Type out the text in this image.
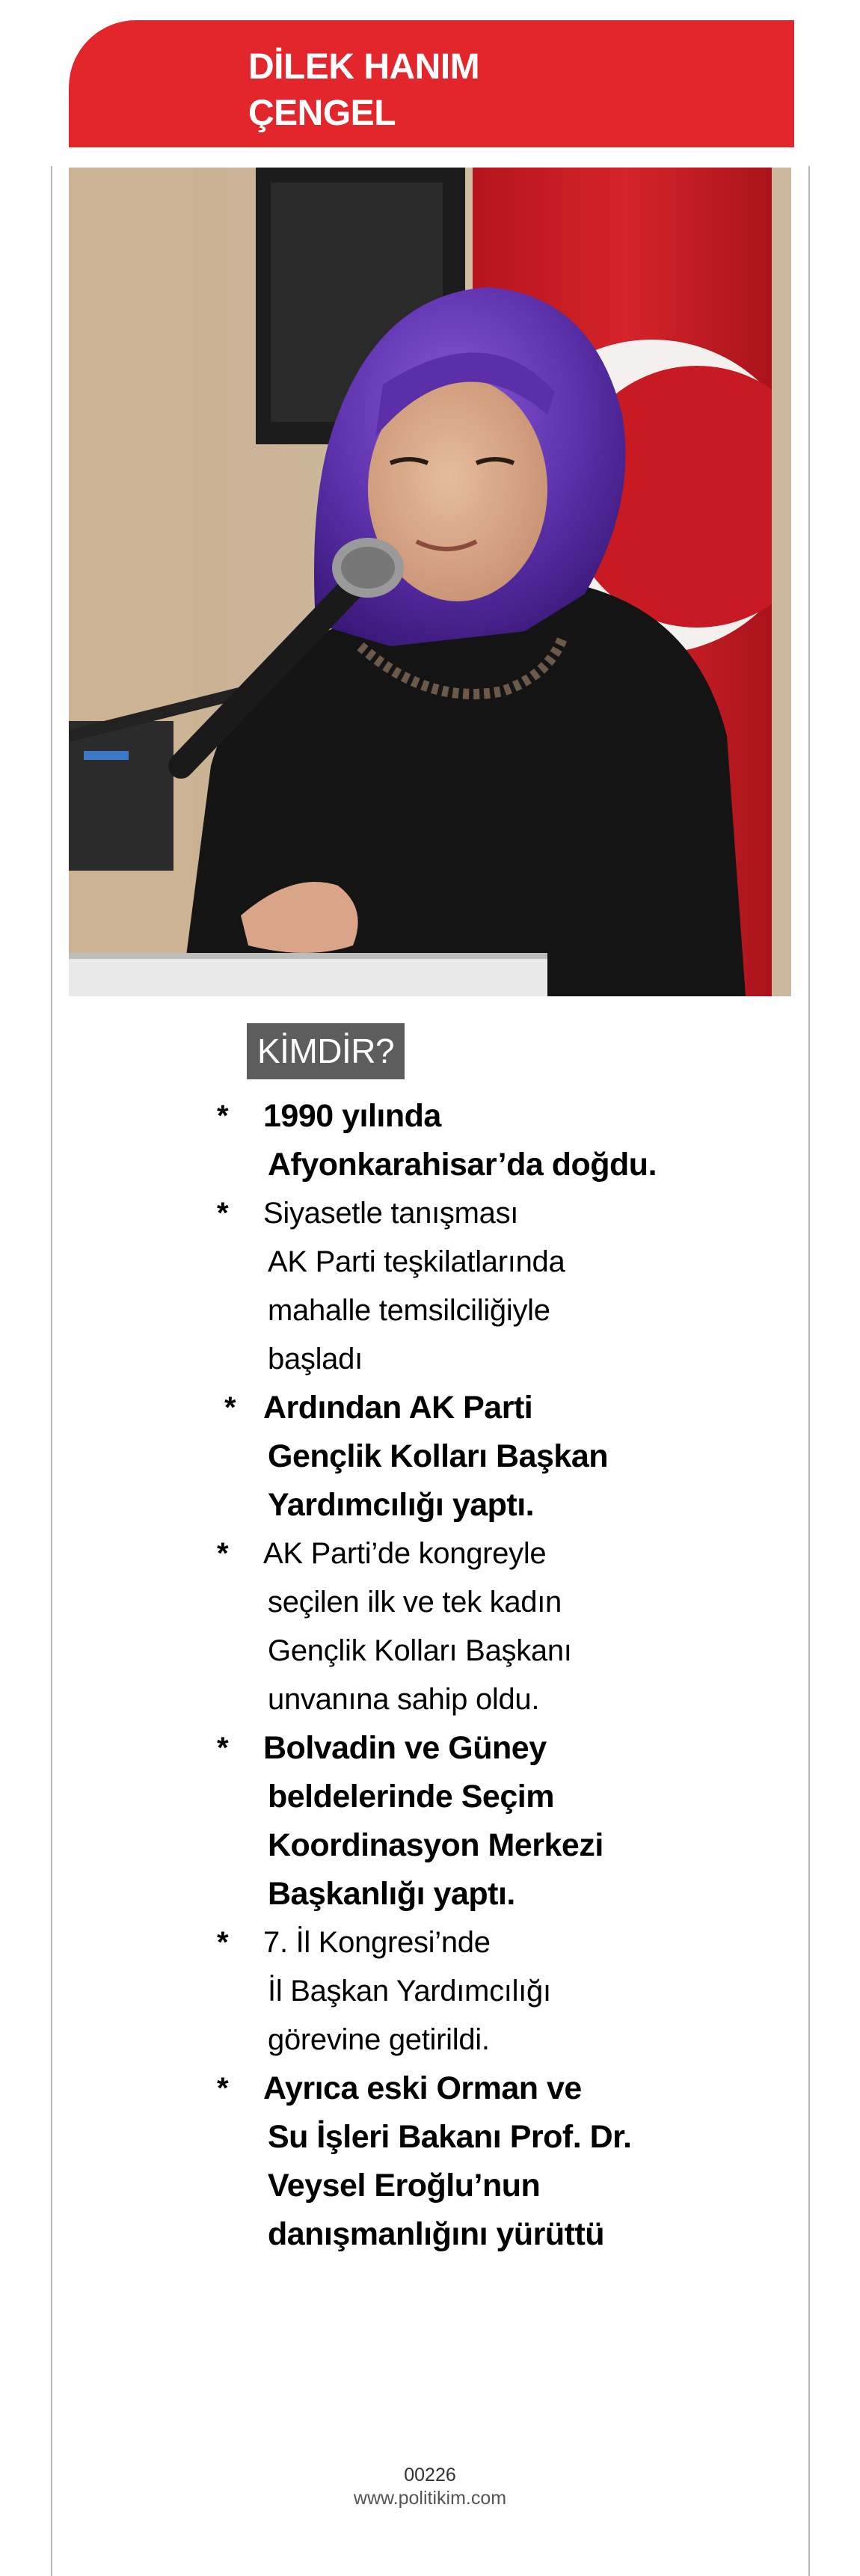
DİLEK HANIM
ÇENGEL
KİMDİR?
* 1990 yılında
Afyonkarahisar’da doğdu.
* Siyasetle tanışması
AK Parti teşkilatlarında
mahalle temsilciliğiyle
başladı
* Ardından AK Parti
Gençlik Kolları Başkan
Yardımcılığı yaptı.
* AK Parti’de kongreyle
seçilen ilk ve tek kadın
Gençlik Kolları Başkanı
unvanına sahip oldu.
* Bolvadin ve Güney
beldelerinde Seçim
Koordinasyon Merkezi
Başkanlığı yaptı.
* 7. İl Kongresi’nde
İl Başkan Yardımcılığı
görevine getirildi.
* Ayrıca eski Orman ve
Su İşleri Bakanı Prof. Dr.
Veysel Eroğlu’nun
danışmanlığını yürüttü
00226
www.politikim.com
